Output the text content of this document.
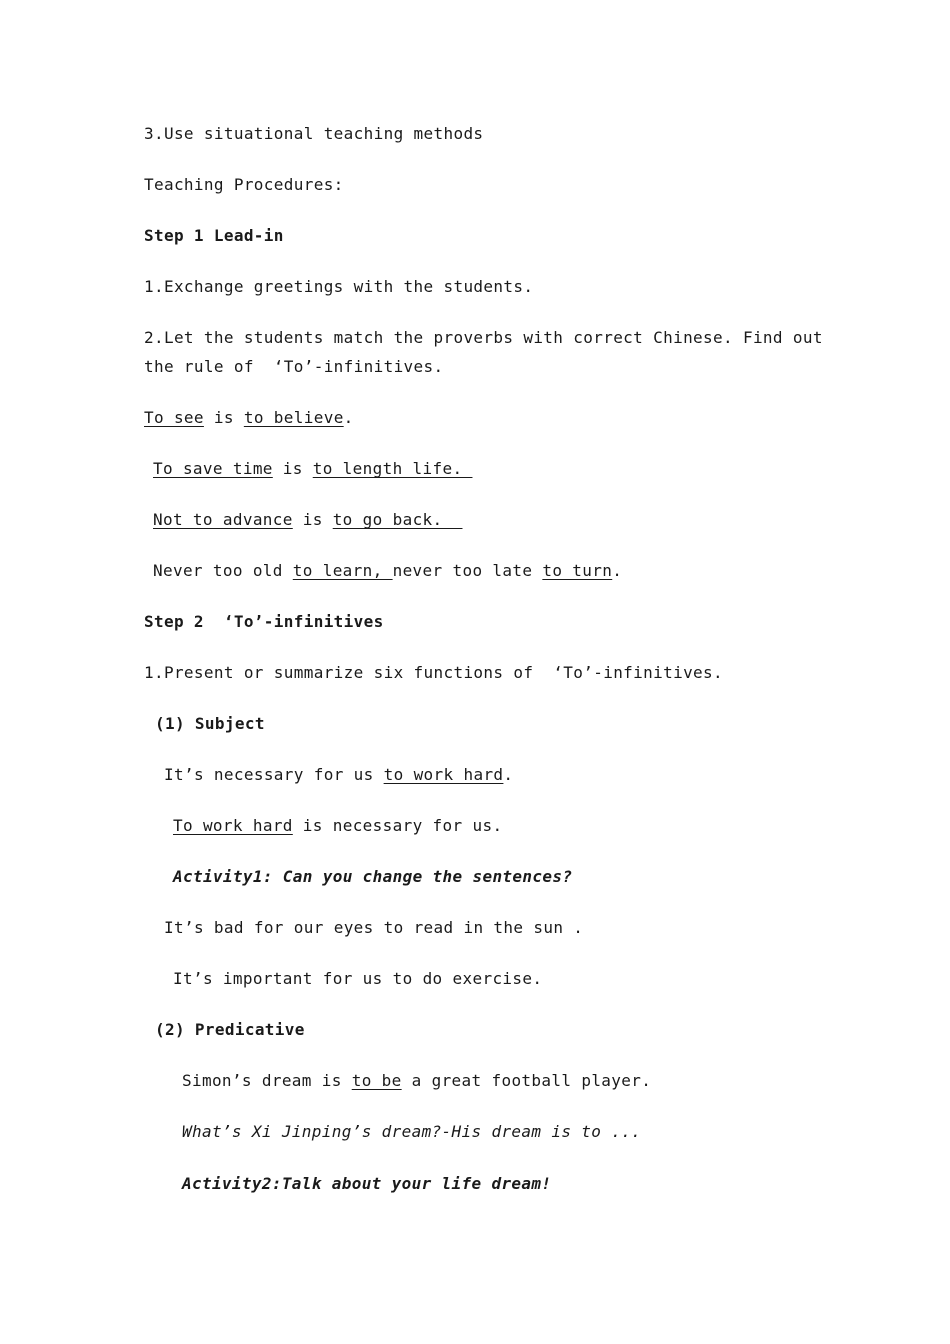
3.Use situational teaching methods
Teaching Procedures:
Step 1 Lead-in
1.Exchange greetings with the students.
2.Let the students match the proverbs with correct Chinese. Find out
the rule of  ‘To’-infinitives.
To see is to believe.
To save time is to length life.
Not to advance is to go back.
Never too old to learn, never too late to turn.
Step 2  ‘To’-infinitives
1.Present or summarize six functions of  ‘To’-infinitives.
(1) Subject
It’s necessary for us to work hard.
To work hard is necessary for us.
Activity1: Can you change the sentences?
It’s bad for our eyes to read in the sun .
It’s important for us to do exercise.
(2) Predicative
Simon’s dream is to be a great football player.
What’s Xi Jinping’s dream?-His dream is to ...
Activity2:Talk about your life dream!
